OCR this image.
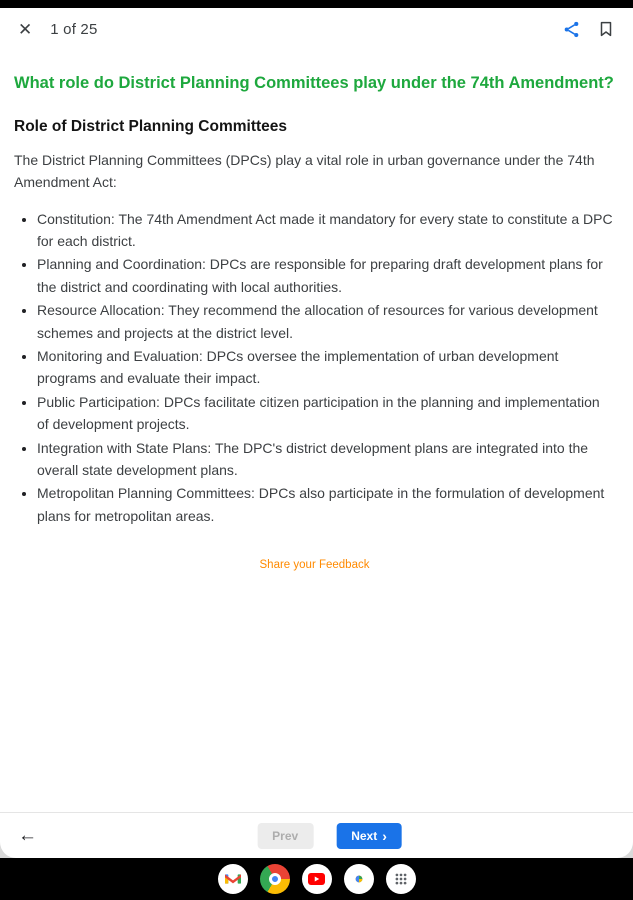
✕ 1 of 25
What role do District Planning Committees play under the 74th Amendment?
Role of District Planning Committees

The District Planning Committees (DPCs) play a vital role in urban governance under the 74th Amendment Act:

• Constitution: The 74th Amendment Act made it mandatory for every state to constitute a DPC for each district.
• Planning and Coordination: DPCs are responsible for preparing draft development plans for the district and coordinating with local authorities.
• Resource Allocation: They recommend the allocation of resources for various development schemes and projects at the district level.
• Monitoring and Evaluation: DPCs oversee the implementation of urban development programs and evaluate their impact.
• Public Participation: DPCs facilitate citizen participation in the planning and implementation of development projects.
• Integration with State Plans: The DPC's district development plans are integrated into the overall state development plans.
• Metropolitan Planning Committees: DPCs also participate in the formulation of development plans for metropolitan areas.
Share your Feedback
←	Prev	Next ›
